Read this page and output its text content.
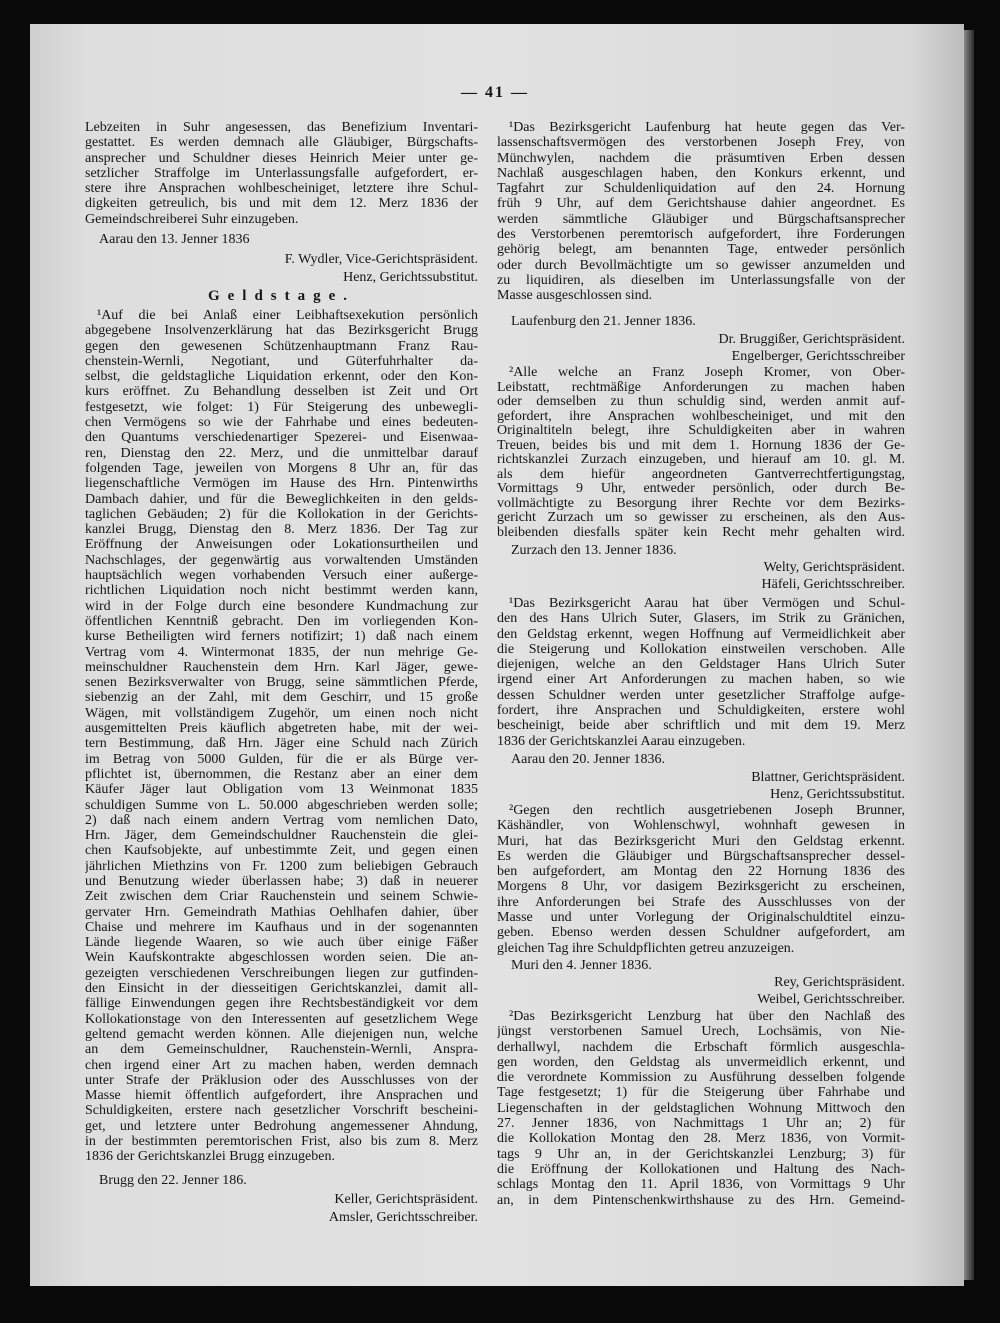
— 41 —
Lebzeiten in Suhr angesessen, das Benefizium Inventari-
gestattet. Es werden demnach alle Gläubiger, Bürgschafts-
ansprecher und Schuldner dieses Heinrich Meier unter ge-
setzlicher Straffolge im Unterlassungsfalle aufgefordert, er-
stere ihre Ansprachen wohlbescheiniget, letztere ihre Schul-
digkeiten getreulich, bis und mit dem 12. Merz 1836 der
Gemeindschreiberei Suhr einzugeben.
Aarau den 13. Jenner 1836
F. Wydler, Vice-Gerichtspräsident.
Henz, Gerichtssubstitut.
Geldstage.
¹Auf die bei Anlaß einer Leibhaftsexekution persönlich
abgegebene Insolvenzerklärung hat das Bezirksgericht Brugg
gegen den gewesenen Schützenhauptmann Franz Rau-
chenstein-Wernli, Negotiant, und Güterfuhrhalter da-
selbst, die geldstagliche Liquidation erkennt, oder den Kon-
kurs eröffnet. Zu Behandlung desselben ist Zeit und Ort
festgesetzt, wie folget: 1) Für Steigerung des unbewegli-
chen Vermögens so wie der Fahrhabe und eines bedeuten-
den Quantums verschiedenartiger Spezerei- und Eisenwaa-
ren, Dienstag den 22. Merz, und die unmittelbar darauf
folgenden Tage, jeweilen von Morgens 8 Uhr an, für das
liegenschaftliche Vermögen im Hause des Hrn. Pintenwirths
Dambach dahier, und für die Beweglichkeiten in den gelds-
taglichen Gebäuden; 2) für die Kollokation in der Gerichts-
kanzlei Brugg, Dienstag den 8. Merz 1836. Der Tag zur
Eröffnung der Anweisungen oder Lokationsurtheilen und
Nachschlages, der gegenwärtig aus vorwaltenden Umständen
hauptsächlich wegen vorhabenden Versuch einer außerge-
richtlichen Liquidation noch nicht bestimmt werden kann,
wird in der Folge durch eine besondere Kundmachung zur
öffentlichen Kenntniß gebracht. Den im vorliegenden Kon-
kurse Betheiligten wird ferners notifizirt; 1) daß nach einem
Vertrag vom 4. Wintermonat 1835, der nun mehrige Ge-
meinschuldner Rauchenstein dem Hrn. Karl Jäger, gewe-
senen Bezirksverwalter von Brugg, seine sämmtlichen Pferde,
siebenzig an der Zahl, mit dem Geschirr, und 15 große
Wägen, mit vollständigem Zugehör, um einen noch nicht
ausgemittelten Preis käuflich abgetreten habe, mit der wei-
tern Bestimmung, daß Hrn. Jäger eine Schuld nach Zürich
im Betrag von 5000 Gulden, für die er als Bürge ver-
pflichtet ist, übernommen, die Restanz aber an einer dem
Käufer Jäger laut Obligation vom 13 Weinmonat 1835
schuldigen Summe von L. 50.000 abgeschrieben werden solle;
2) daß nach einem andern Vertrag vom nemlichen Dato,
Hrn. Jäger, dem Gemeindschuldner Rauchenstein die glei-
chen Kaufsobjekte, auf unbestimmte Zeit, und gegen einen
jährlichen Miethzins von Fr. 1200 zum beliebigen Gebrauch
und Benutzung wieder überlassen habe; 3) daß in neuerer
Zeit zwischen dem Criar Rauchenstein und seinem Schwie-
gervater Hrn. Gemeindrath Mathias Oehlhafen dahier, über
Chaise und mehrere im Kaufhaus und in der sogenannten
Lände liegende Waaren, so wie auch über einige Fäßer
Wein Kaufskontrakte abgeschlossen worden seien. Die an-
gezeigten verschiedenen Verschreibungen liegen zur gutfinden-
den Einsicht in der diesseitigen Gerichtskanzlei, damit all-
fällige Einwendungen gegen ihre Rechtsbeständigkeit vor dem
Kollokationstage von den Interessenten auf gesetzlichem Wege
geltend gemacht werden können. Alle diejenigen nun, welche
an dem Gemeinschuldner, Rauchenstein-Wernli, Anspra-
chen irgend einer Art zu machen haben, werden demnach
unter Strafe der Präklusion oder des Ausschlusses von der
Masse hiemit öffentlich aufgefordert, ihre Ansprachen und
Schuldigkeiten, erstere nach gesetzlicher Vorschrift bescheini-
get, und letztere unter Bedrohung angemessener Ahndung,
in der bestimmten peremtorischen Frist, also bis zum 8. Merz
1836 der Gerichtskanzlei Brugg einzugeben.
Brugg den 22. Jenner 186.
Keller, Gerichtspräsident.
Amsler, Gerichtsschreiber.
¹Das Bezirksgericht Laufenburg hat heute gegen das Ver-
lassenschaftsvermögen des verstorbenen Joseph Frey, von
Münchwylen, nachdem die präsumtiven Erben dessen
Nachlaß ausgeschlagen haben, den Konkurs erkennt, und
Tagfahrt zur Schuldenliquidation auf den 24. Hornung
früh 9 Uhr, auf dem Gerichtshause dahier angeordnet. Es
werden sämmtliche Gläubiger und Bürgschaftsansprecher
des Verstorbenen peremtorisch aufgefordert, ihre Forderungen
gehörig belegt, am benannten Tage, entweder persönlich
oder durch Bevollmächtigte um so gewisser anzumelden und
zu liquidiren, als dieselben im Unterlassungsfalle von der
Masse ausgeschlossen sind.
Laufenburg den 21. Jenner 1836.
Dr. Bruggißer, Gerichtspräsident.
Engelberger, Gerichtsschreiber
²Alle welche an Franz Joseph Kromer, von Ober-
Leibstatt, rechtmäßige Anforderungen zu machen haben
oder demselben zu thun schuldig sind, werden anmit auf-
gefordert, ihre Ansprachen wohlbescheiniget, und mit den
Originaltiteln belegt, ihre Schuldigkeiten aber in wahren
Treuen, beides bis und mit dem 1. Hornung 1836 der Ge-
richtskanzlei Zurzach einzugeben, und hierauf am 10. gl. M.
als dem hiefür angeordneten Gantverrechtfertigungstag,
Vormittags 9 Uhr, entweder persönlich, oder durch Be-
vollmächtigte zu Besorgung ihrer Rechte vor dem Bezirks-
gericht Zurzach um so gewisser zu erscheinen, als den Aus-
bleibenden diesfalls später kein Recht mehr gehalten wird.
Zurzach den 13. Jenner 1836.
Welty, Gerichtspräsident.
Häfeli, Gerichtsschreiber.
¹Das Bezirksgericht Aarau hat über Vermögen und Schul-
den des Hans Ulrich Suter, Glasers, im Strik zu Gränichen,
den Geldstag erkennt, wegen Hoffnung auf Vermeidlichkeit aber
die Steigerung und Kollokation einstweilen verschoben. Alle
diejenigen, welche an den Geldstager Hans Ulrich Suter
irgend einer Art Anforderungen zu machen haben, so wie
dessen Schuldner werden unter gesetzlicher Straffolge aufge-
fordert, ihre Ansprachen und Schuldigkeiten, erstere wohl
bescheinigt, beide aber schriftlich und mit dem 19. Merz
1836 der Gerichtskanzlei Aarau einzugeben.
Aarau den 20. Jenner 1836.
Blattner, Gerichtspräsident.
Henz, Gerichtssubstitut.
²Gegen den rechtlich ausgetriebenen Joseph Brunner,
Käshändler, von Wohlenschwyl, wohnhaft gewesen in
Muri, hat das Bezirksgericht Muri den Geldstag erkennt.
Es werden die Gläubiger und Bürgschaftsansprecher dessel-
ben aufgefordert, am Montag den 22 Hornung 1836 des
Morgens 8 Uhr, vor dasigem Bezirksgericht zu erscheinen,
ihre Anforderungen bei Strafe des Ausschlusses von der
Masse und unter Vorlegung der Originalschuldtitel einzu-
geben. Ebenso werden dessen Schuldner aufgefordert, am
gleichen Tag ihre Schuldpflichten getreu anzuzeigen.
Muri den 4. Jenner 1836.
Rey, Gerichtspräsident.
Weibel, Gerichtsschreiber.
²Das Bezirksgericht Lenzburg hat über den Nachlaß des
jüngst verstorbenen Samuel Urech, Lochsämis, von Nie-
derhallwyl, nachdem die Erbschaft förmlich ausgeschla-
gen worden, den Geldstag als unvermeidlich erkennt, und
die verordnete Kommission zu Ausführung desselben folgende
Tage festgesetzt; 1) für die Steigerung über Fahrhabe und
Liegenschaften in der geldstaglichen Wohnung Mittwoch den
27. Jenner 1836, von Nachmittags 1 Uhr an; 2) für
die Kollokation Montag den 28. Merz 1836, von Vormit-
tags 9 Uhr an, in der Gerichtskanzlei Lenzburg; 3) für
die Eröffnung der Kollokationen und Haltung des Nach-
schlags Montag den 11. April 1836, von Vormittags 9 Uhr
an, in dem Pintenschenkwirthshause zu des Hrn. Gemeind-
